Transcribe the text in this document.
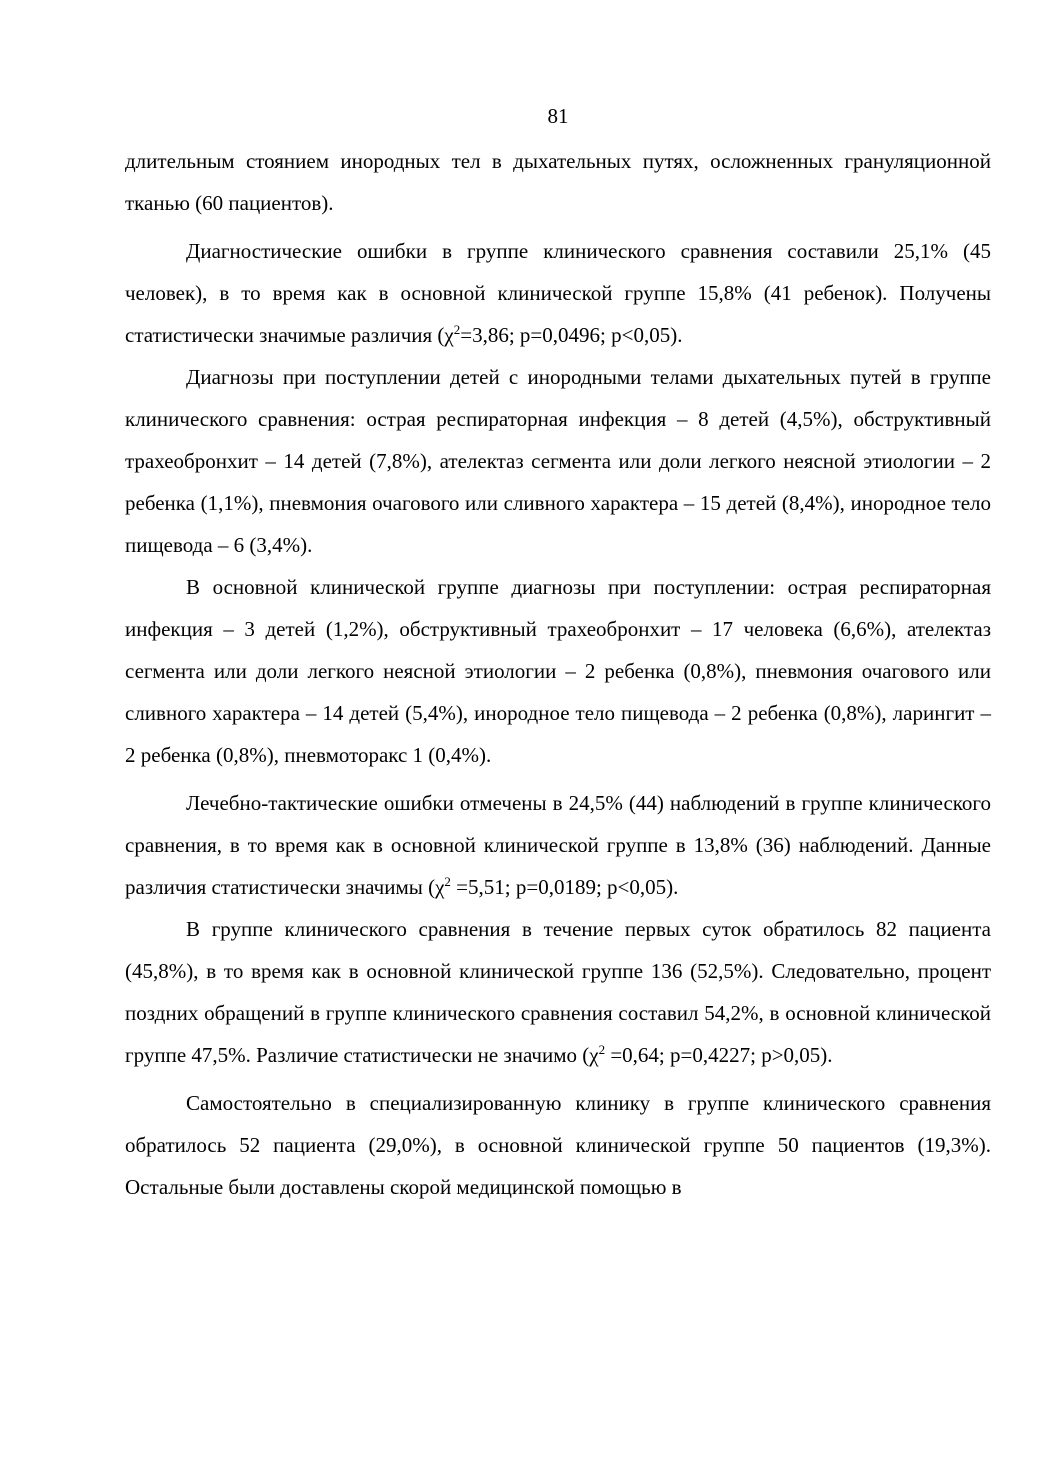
81

длительным стоянием инородных тел в дыхательных путях, осложненных грануляционной тканью (60 пациентов).

Диагностические ошибки в группе клинического сравнения составили 25,1% (45 человек), в то время как в основной клинической группе 15,8% (41 ребенок). Получены статистически значимые различия ($\chi^2=3,86$; p=0,0496; p<0,05).

Диагнозы при поступлении детей с инородными телами дыхательных путей в группе клинического сравнения: острая респираторная инфекция – 8 детей (4,5%), обструктивный трахеобронхит – 14 детей (7,8%), ателектаз сегмента или доли легкого неясной этиологии – 2 ребенка (1,1%), пневмония очагового или сливного характера – 15 детей (8,4%), инородное тело пищевода – 6 (3,4%).

В основной клинической группе диагнозы при поступлении: острая респираторная инфекция – 3 детей (1,2%), обструктивный трахеобронхит – 17 человека (6,6%), ателектаз сегмента или доли легкого неясной этиологии – 2 ребенка (0,8%), пневмония очагового или сливного характера – 14 детей (5,4%), инородное тело пищевода – 2 ребенка (0,8%), ларингит – 2 ребенка (0,8%), пневмоторакс 1 (0,4%).

Лечебно-тактические ошибки отмечены в 24,5% (44) наблюдений в группе клинического сравнения, в то время как в основной клинической группе в 13,8% (36) наблюдений. Данные различия статистически значимы ($\chi^2 =5,51$; p=0,0189; p<0,05).

В группе клинического сравнения в течение первых суток обратилось 82 пациента (45,8%), в то время как в основной клинической группе 136 (52,5%). Следовательно, процент поздних обращений в группе клинического сравнения составил 54,2%, в основной клинической группе 47,5%. Различие статистически не значимо ($\chi^2 =0,64$; p=0,4227; p>0,05).

Самостоятельно в специализированную клинику в группе клинического сравнения обратилось 52 пациента (29,0%), в основной клинической группе 50 пациентов (19,3%). Остальные были доставлены скорой медицинской помощью в
